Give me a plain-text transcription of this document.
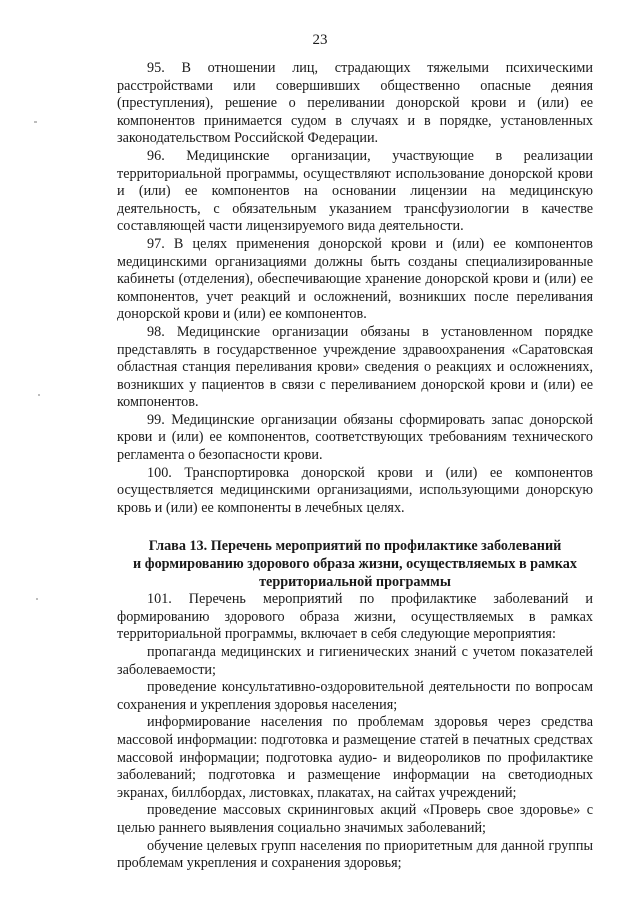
23

95. В отношении лиц, страдающих тяжелыми психическими расстройствами или совершивших общественно опасные деяния (преступления), решение о переливании донорской крови и (или) ее компонентов принимается судом в случаях и в порядке, установленных законодательством Российской Федерации.

96. Медицинские организации, участвующие в реализации территориальной программы, осуществляют использование донорской крови и (или) ее компонентов на основании лицензии на медицинскую деятельность, с обязательным указанием трансфузиологии в качестве составляющей части лицензируемого вида деятельности.

97. В целях применения донорской крови и (или) ее компонентов медицинскими организациями должны быть созданы специализированные кабинеты (отделения), обеспечивающие хранение донорской крови и (или) ее компонентов, учет реакций и осложнений, возникших после переливания донорской крови и (или) ее компонентов.

98. Медицинские организации обязаны в установленном порядке представлять в государственное учреждение здравоохранения «Саратовская областная станция переливания крови» сведения о реакциях и осложнениях, возникших у пациентов в связи с переливанием донорской крови и (или) ее компонентов.

99. Медицинские организации обязаны сформировать запас донорской крови и (или) ее компонентов, соответствующих требованиям технического регламента о безопасности крови.

100. Транспортировка донорской крови и (или) ее компонентов осуществляется медицинскими организациями, использующими донорскую кровь и (или) ее компоненты в лечебных целях.

Глава 13. Перечень мероприятий по профилактике заболеваний
и формированию здорового образа жизни, осуществляемых в рамках
территориальной программы

101. Перечень мероприятий по профилактике заболеваний и формированию здорового образа жизни, осуществляемых в рамках территориальной программы, включает в себя следующие мероприятия:

пропаганда медицинских и гигиенических знаний с учетом показателей заболеваемости;

проведение консультативно-оздоровительной деятельности по вопросам сохранения и укрепления здоровья населения;

информирование населения по проблемам здоровья через средства массовой информации: подготовка и размещение статей в печатных средствах массовой информации; подготовка аудио- и видеороликов по профилактике заболеваний; подготовка и размещение информации на светодиодных экранах, биллбордах, листовках, плакатах, на сайтах учреждений;

проведение массовых скрининговых акций «Проверь свое здоровье» с целью раннего выявления социально значимых заболеваний;

обучение целевых групп населения по приоритетным для данной группы проблемам укрепления и сохранения здоровья;
